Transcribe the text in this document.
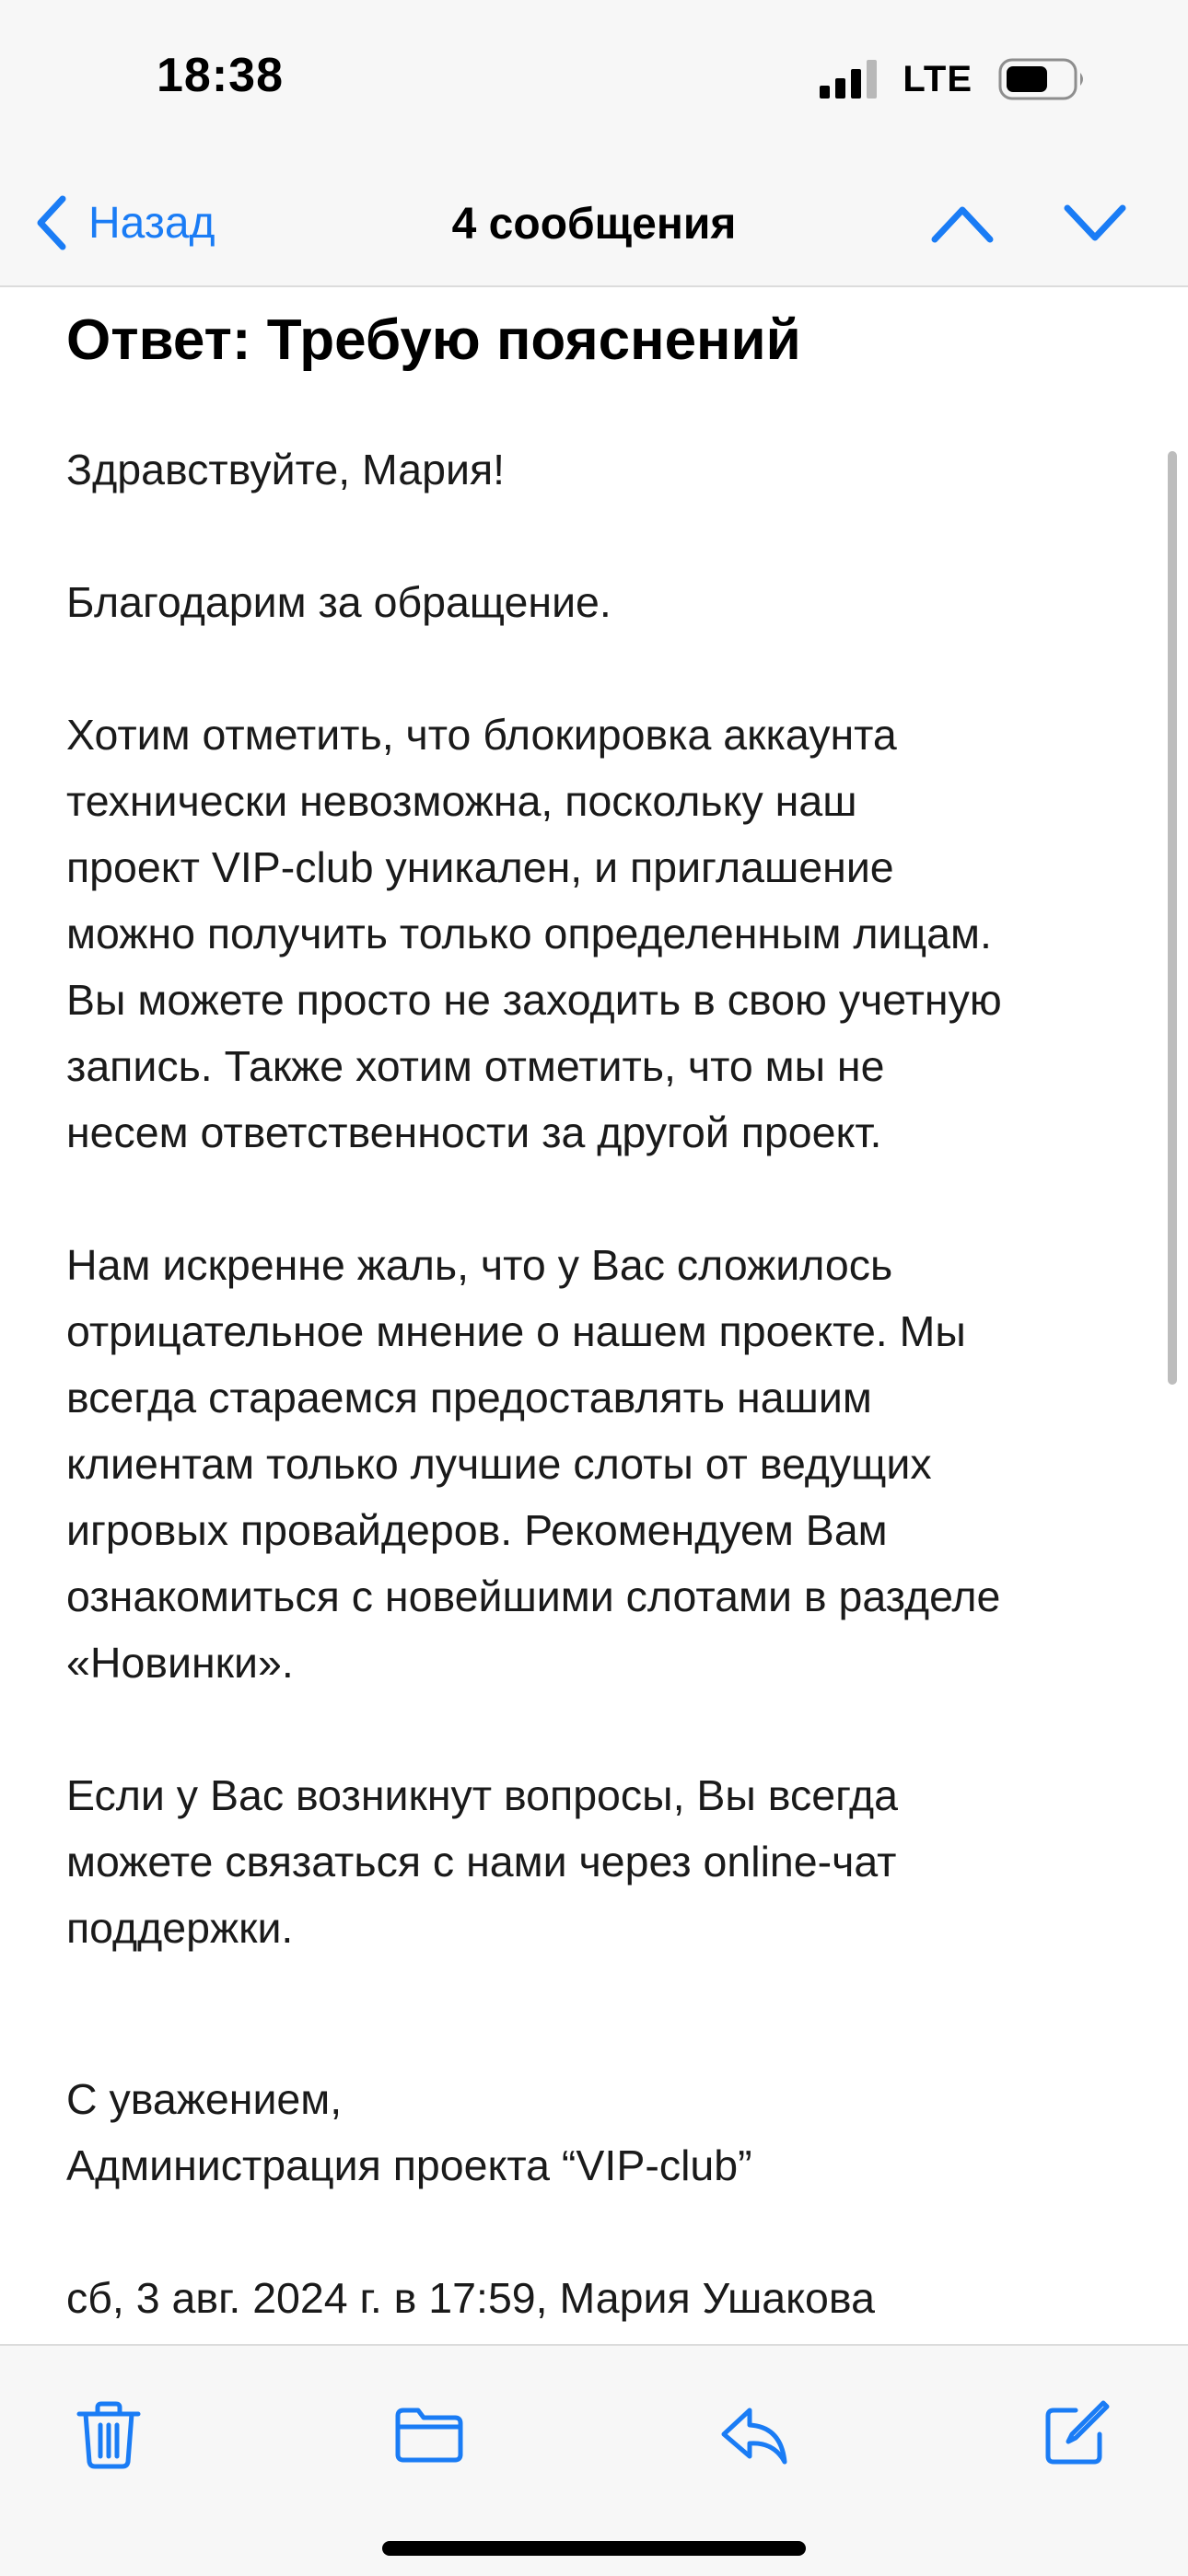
18:38	LTE
Назад	4 сообщения
Ответ: Требую пояснений

Здравствуйте, Мария!

Благодарим за обращение.

Хотим отметить, что блокировка аккаунта
технически невозможна, поскольку наш
проект VIP-club уникален, и приглашение
можно получить только определенным лицам.
Вы можете просто не заходить в свою учетную
запись. Также хотим отметить, что мы не
несем ответственности за другой проект.

Нам искренне жаль, что у Вас сложилось
отрицательное мнение о нашем проекте. Мы
всегда стараемся предоставлять нашим
клиентам только лучшие слоты от ведущих
игровых провайдеров. Рекомендуем Вам
ознакомиться с новейшими слотами в разделе
«Новинки».

Если у Вас возникнут вопросы, Вы всегда
можете связаться с нами через online-чат
поддержки.

С уважением,
Администрация проекта “VIP-club”

сб, 3 авг. 2024 г. в 17:59, Мария Ушакова
